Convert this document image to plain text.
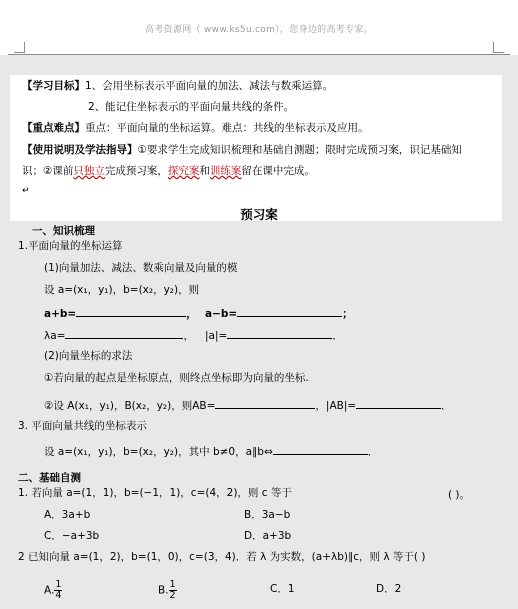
高考资源网（ www.ks5u.com），您身边的高考专家。
【学习目标】1、会用坐标表示平面向量的加法、减法与数乘运算。
2、能记住坐标表示的平面向量共线的条件。
【重点难点】重点：平面向量的坐标运算。难点：共线的坐标表示及应用。
【使用说明及学法指导】①要求学生完成知识梳理和基础自测题；限时完成预习案，识记基础知
识；②课前只独立完成预习案，探究案和训练案留在课中完成。
↵
预习案
一、知识梳理
1.平面向量的坐标运算
(1)向量加法、减法、数乘向量及向量的模
设 a=(x₁，y₁)，b=(x₂，y₂)，则
a+b=	， a−b=	；
λa=	， |a|=	．
(2)向量坐标的求法
①若向量的起点是坐标原点，则终点坐标即为向量的坐标.
②设 A(x₁，y₁)，B(x₂，y₂)，则AB=	，|AB|=	．
3. 平面向量共线的坐标表示
设 a=(x₁，y₁)，b=(x₂，y₂)，其中 b≠0，a∥b⇔	．
二、基础自测
1. 若向量 a=(1，1)，b=(−1，1)，c=(4，2)，则 c 等于	( )。
A．3a+b	B．3a−b
C．−a+3b	D．a+3b
2 已知向量 a=(1，2)，b=(1，0)，c=(3，4)．若 λ 为实数，(a+λb)∥c，则 λ 等于( )
A. $\frac{1}{4}$	B. $\frac{1}{2}$	C．1	D．2
